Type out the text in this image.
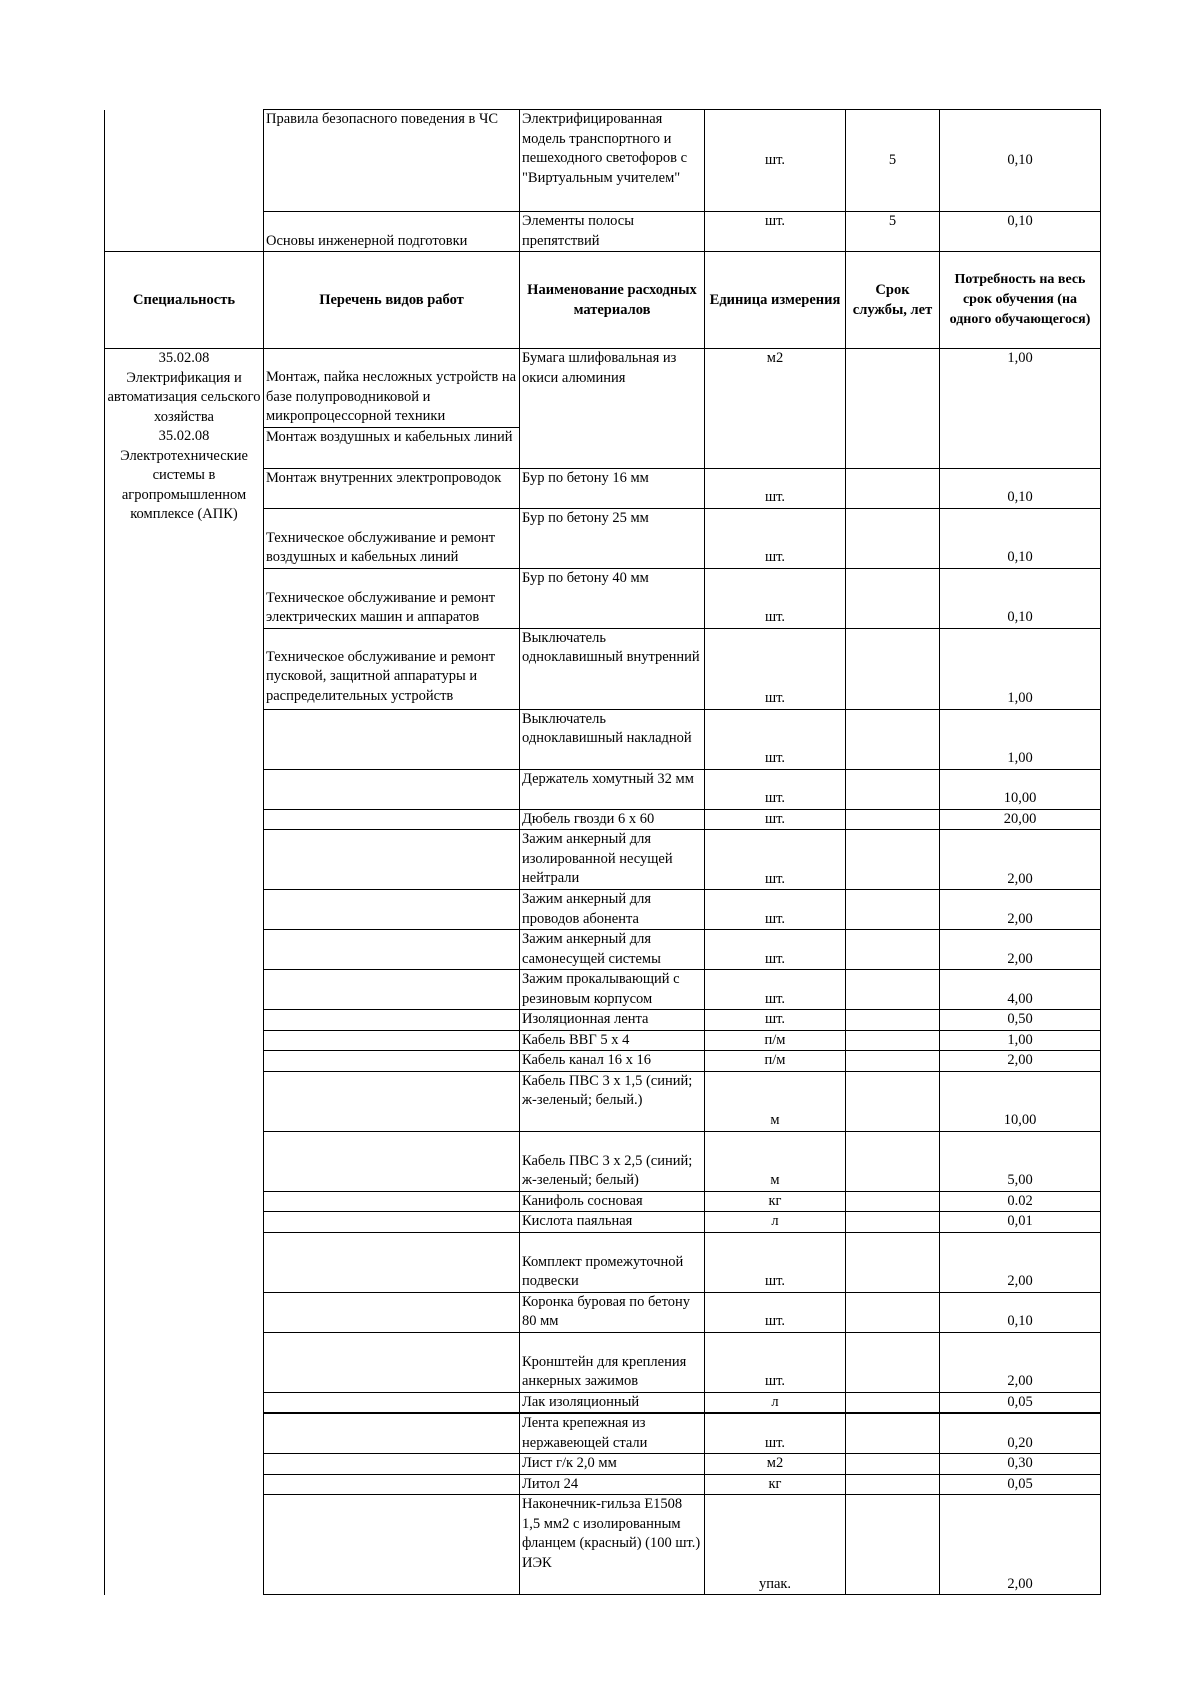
	Правила безопасного поведения в ЧС	Электрифицированная модель транспортного и пешеходного светофоров с "Виртуальным учителем"	шт.	5	0,10
	Основы инженерной подготовки	Элементы полосы препятствий	шт.	5	0,10
Специальность	Перечень видов работ	Наименование расходных материалов	Единица измерения	Срок службы, лет	Потребность на весь срок обучения (на одного обучающегося)

35.02.08
Электрификация и автоматизация сельского хозяйства
35.02.08
Электротехнические системы в агропромышленном комплексе (АПК)	Монтаж, пайка несложных устройств на базе полупроводниковой и микропроцессорной техники	Бумага шлифовальная из окиси алюминия	м2		1,00
	Монтаж воздушных и кабельных линий				
	Монтаж внутренних электропроводок	Бур по бетону 16 мм	шт.		0,10
	Техническое обслуживание и ремонт воздушных и кабельных линий	Бур по бетону 25 мм	шт.		0,10
	Техническое обслуживание и ремонт электрических машин и аппаратов	Бур по бетону 40 мм	шт.		0,10
	Техническое обслуживание и ремонт пусковой, защитной аппаратуры и распределительных устройств	Выключатель одноклавишный внутренний	шт.		1,00
		Выключатель одноклавишный накладной	шт.		1,00
		Держатель хомутный 32 мм	шт.		10,00
		Дюбель гвозди 6 х 60	шт.		20,00
		Зажим анкерный для изолированной несущей нейтрали	шт.		2,00
		Зажим анкерный для проводов абонента	шт.		2,00
		Зажим анкерный для самонесущей системы	шт.		2,00
		Зажим прокалывающий с резиновым корпусом	шт.		4,00
		Изоляционная лента	шт.		0,50
		Кабель ВВГ 5 х 4	п/м		1,00
		Кабель канал 16 х 16	п/м		2,00
		Кабель ПВС 3 х 1,5 (синий; ж-зеленый; белый.)	м		10,00
		Кабель ПВС 3 х 2,5 (синий; ж-зеленый; белый)	м		5,00
		Канифоль сосновая	кг		0.02
		Кислота паяльная	л		0,01
		Комплект промежуточной подвески	шт.		2,00
		Коронка буровая по бетону 80 мм	шт.		0,10
		Кронштейн для крепления анкерных зажимов	шт.		2,00
		Лак изоляционный	л		0,05
		Лента крепежная из нержавеющей стали	шт.		0,20
		Лист г/к 2,0 мм	м2		0,30
		Литол 24	кг		0,05
		Наконечник-гильза Е1508 1,5 мм2 с изолированным фланцем (красный) (100 шт.) ИЭК	упак.		2,00
